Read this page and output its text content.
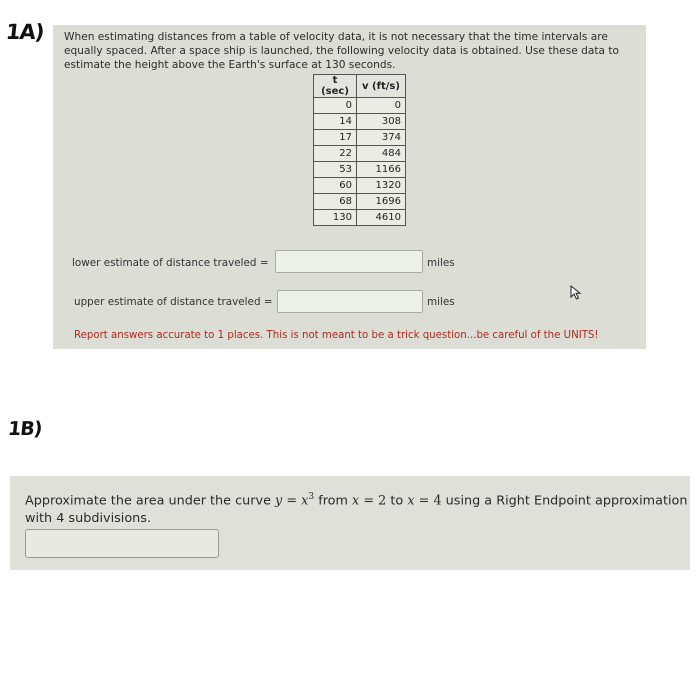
1A) When estimating distances from a table of velocity data, it is not necessary that the time intervals are equally spaced. After a space ship is launched, the following velocity data is obtained. Use these data to estimate the height above the Earth's surface at 130 seconds.
t (sec)	v (ft/s)
0	0
14	308
17	374
22	484
53	1166
60	1320
68	1696
130	4610
lower estimate of distance traveled =	miles
upper estimate of distance traveled =	miles
Report answers accurate to 1 places. This is not meant to be a trick question...be careful of the UNITS!
1B)
Approximate the area under the curve $y = x^3$ from x = 2 to x = 4 using a Right Endpoint approximation with 4 subdivisions.
